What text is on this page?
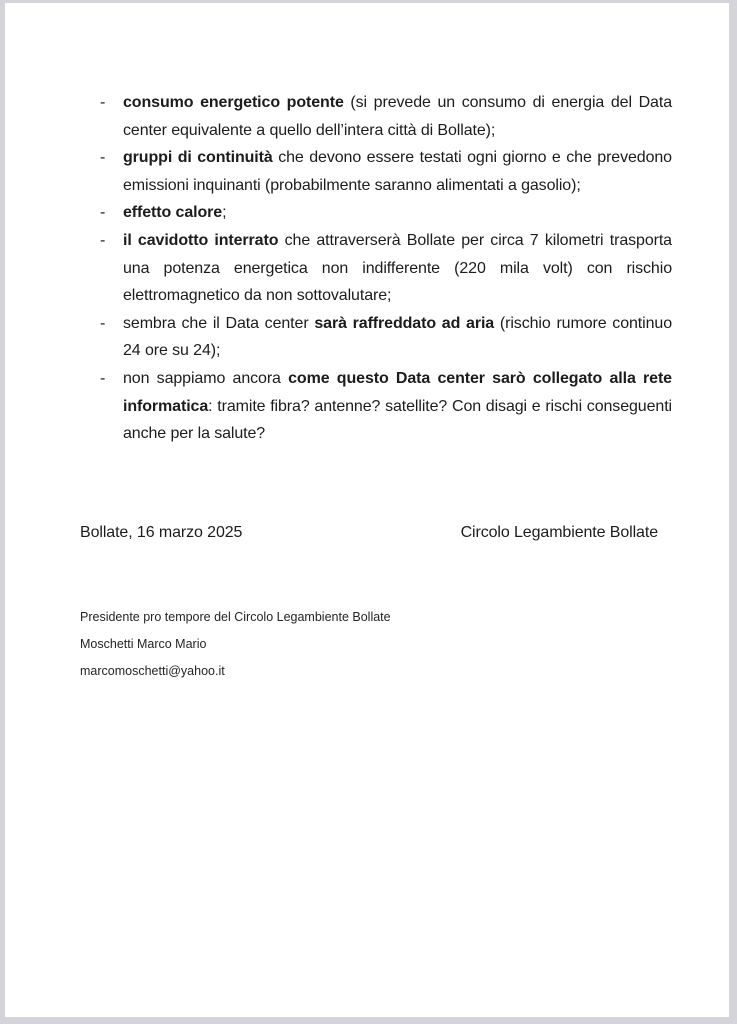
-	consumo energetico potente (si prevede un consumo di energia del Data center equivalente a quello dell’intera città di Bollate);

-	gruppi di continuità che devono essere testati ogni giorno e che prevedono emissioni inquinanti (probabilmente saranno alimentati a gasolio);

-	effetto calore;

-	il cavidotto interrato che attraverserà Bollate per circa 7 kilometri trasporta una potenza energetica non indifferente (220 mila volt) con rischio elettromagnetico da non sottovalutare;

-	sembra che il Data center sarà raffreddato ad aria (rischio rumore continuo 24 ore su 24);

-	non sappiamo ancora come questo Data center sarò collegato alla rete informatica: tramite fibra? antenne? satellite? Con disagi e rischi conseguenti anche per la salute?

Bollate, 16 marzo 2025	Circolo Legambiente Bollate
Presidente pro tempore del Circolo Legambiente Bollate
Moschetti Marco Mario
marcomoschetti@yahoo.it
